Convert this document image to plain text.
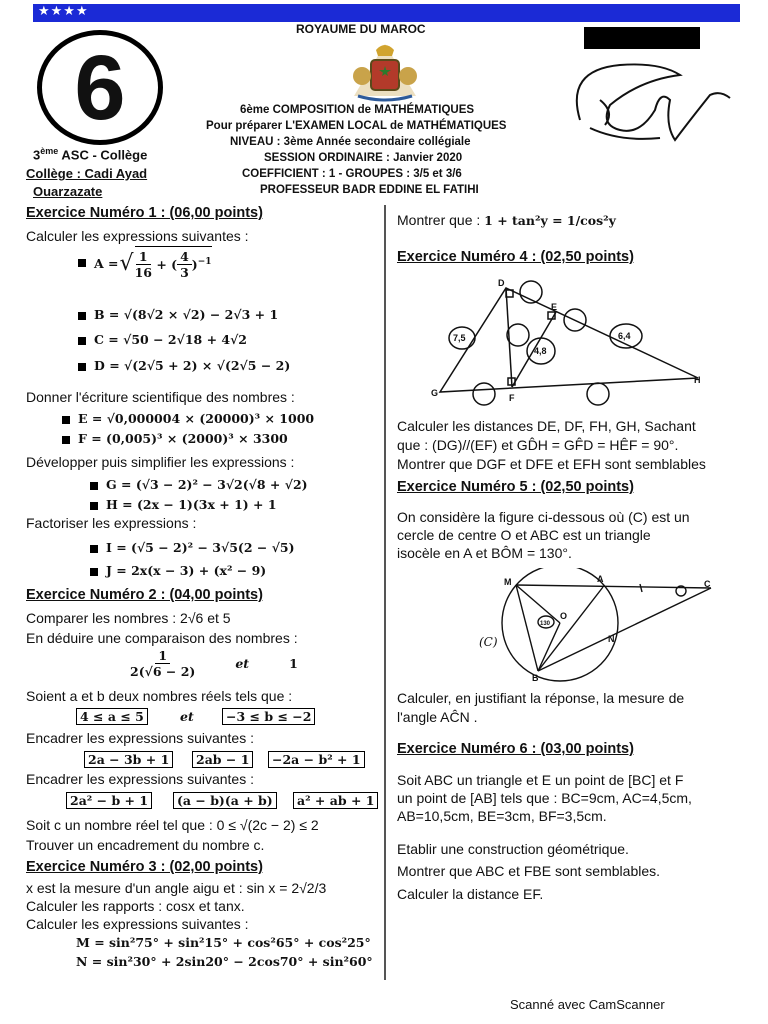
★★★★
6
ROYAUME DU MAROC
6ème COMPOSITION de MATHÉMATIQUES
Pour préparer L'EXAMEN LOCAL de MATHÉMATIQUES
NIVEAU : 3ème Année secondaire collégiale
SESSION ORDINAIRE : Janvier 2020
COEFFICIENT : 1 - GROUPES : 3/5 et 3/6
PROFESSEUR BADR EDDINE EL FATIHI
3ème ASC - Collège
Collège : Cadi Ayad
Ouarzazate
Exercice Numéro 1 : (06,00 points)
Calculer les expressions suivantes :
A = √ $\frac{1}{16}$ + ( $\frac{4}{3} )^{-1}$
B = √(8√2 × √2) − 2√3 + 1
C = √50 − 2√18 + 4√2
D = √(2√5 + 2) × √(2√5 − 2)
Donner l'écriture scientifique des nombres :
E = √0,000004 × (20000)³ × 1000
F = (0,005)³ × (2000)³ × 3300
Développer puis simplifier les expressions :
G = (√3 − 2)² − 3√2(√8 + √2)
H = (2x − 1)(3x + 1) + 1
Factoriser les expressions :
I = (√5 − 2)² − 3√5(2 − √5)
J = 2x(x − 3) + (x² − 9)
Exercice Numéro 2 : (04,00 points)
Comparer les nombres : 2√6 et 5
En déduire une comparaison des nombres :
$\frac{1}{2(√6 - 2)}$	et	1
Soient a et b deux nombres réels tels que :
4 ≤ a ≤ 5	et	−3 ≤ b ≤ −2
Encadrer les expressions suivantes :
2a − 3b + 1	2ab − 1	−2a − b² + 1
Encadrer les expressions suivantes :
2a² − b + 1	(a − b)(a + b)	a² + ab + 1
Soit c un nombre réel tel que : 0 ≤ √(2c − 2) ≤ 2
Trouver un encadrement du nombre c.
Exercice Numéro 3 : (02,00 points)
x est la mesure d'un angle aigu et : sin x = 2√2/3
Calculer les rapports : cosx et tanx.
Calculer les expressions suivantes :
M = sin²75° + sin²15° + cos²65° + cos²25°
N = sin²30° + 2sin20° − 2cos70° + sin²60°
Montrer que : 1 + tan²y = 1/cos²y
Exercice Numéro 4 : (02,50 points)
D
E
F
G
H
7,5
4,8
6,4
Calculer les distances DE, DF, FH, GH, Sachant
que : (DG)//(EF) et GD̂H = GF̂D = HÊF = 90°.
Montrer que DGF et DFE et EFH sont semblables
Exercice Numéro 5 : (02,50 points)
On considère la figure ci-dessous où (C) est un
cercle de centre O et ABC est un triangle
isocèle en A et BÔM = 130°.
M	A	C
O
N
B
130
(C)
Calculer, en justifiant la réponse, la mesure de
l'angle AĈN .
Exercice Numéro 6 : (03,00 points)
Soit ABC un triangle et E un point de [BC] et F
un point de [AB] tels que : BC=9cm, AC=4,5cm,
AB=10,5cm, BE=3cm, BF=3,5cm.
Etablir une construction géométrique.
Montrer que ABC et FBE sont semblables.
Calculer la distance EF.
Scanné avec CamScanner
